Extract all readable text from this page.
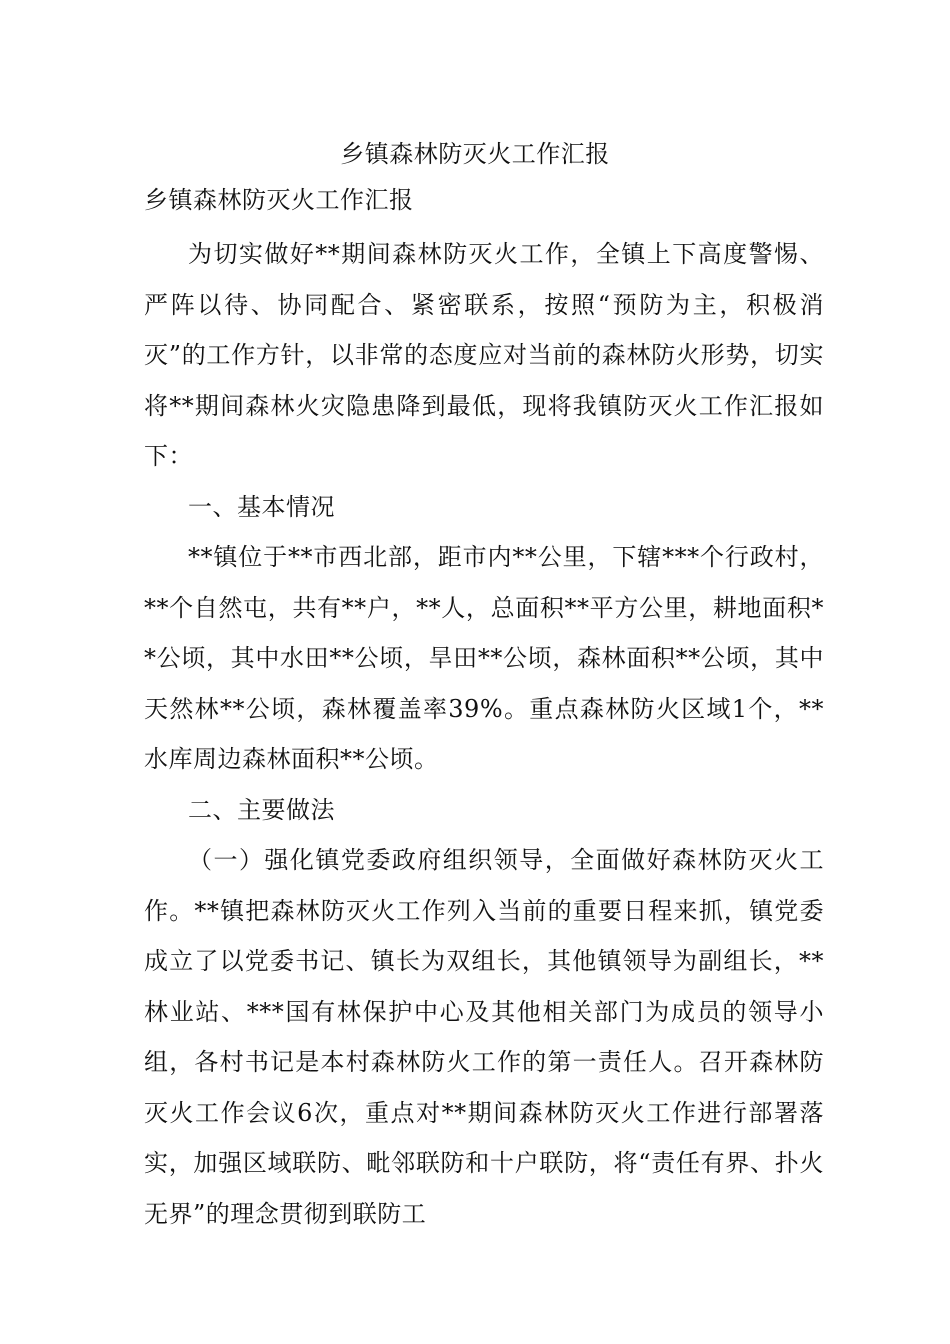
乡镇森林防灭火工作汇报
乡镇森林防灭火工作汇报

为切实做好**期间森林防灭火工作，全镇上下高度警惕、严阵以待、协同配合、紧密联系，按照“预防为主，积极消灭”的工作方针，以非常的态度应对当前的森林防火形势，切实将**期间森林火灾隐患降到最低，现将我镇防灭火工作汇报如下：

一、基本情况

**镇位于**市西北部，距市内**公里，下辖***个行政村，**个自然屯，共有**户，**人，总面积**平方公里，耕地面积**公顷，其中水田**公顷，旱田**公顷，森林面积**公顷，其中天然林**公顷，森林覆盖率39%。重点森林防火区域1个，**水库周边森林面积**公顷。

二、主要做法

（一）强化镇党委政府组织领导，全面做好森林防灭火工作。**镇把森林防灭火工作列入当前的重要日程来抓，镇党委成立了以党委书记、镇长为双组长，其他镇领导为副组长，**林业站、***国有林保护中心及其他相关部门为成员的领导小组，各村书记是本村森林防火工作的第一责任人。召开森林防灭火工作会议6次，重点对**期间森林防灭火工作进行部署落实，加强区域联防、毗邻联防和十户联防，将“责任有界、扑火无界”的理念贯彻到联防工
